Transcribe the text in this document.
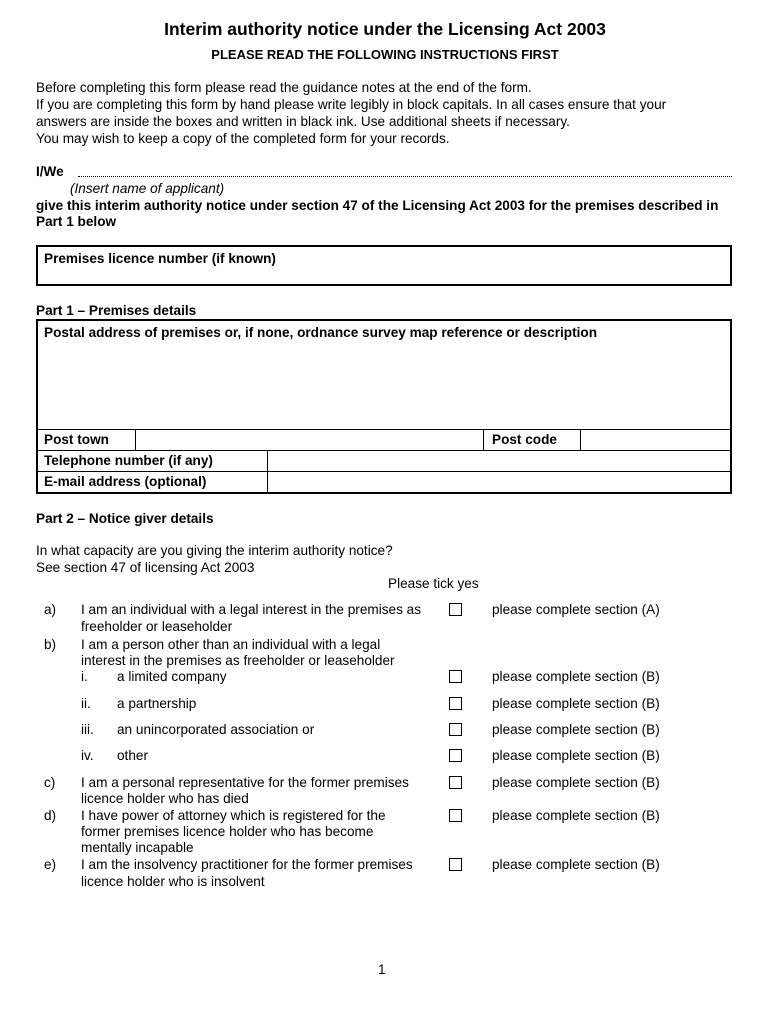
Interim authority notice under the Licensing Act 2003
PLEASE READ THE FOLLOWING INSTRUCTIONS FIRST
Before completing this form please read the guidance notes at the end of the form.
If you are completing this form by hand please write legibly in block capitals. In all cases ensure that your
answers are inside the boxes and written in black ink. Use additional sheets if necessary.
You may wish to keep a copy of the completed form for your records.
I/We
(Insert name of applicant)
give this interim authority notice under section 47 of the Licensing Act 2003 for the premises described in
Part 1 below
Premises licence number (if known)
Part 1 – Premises details
Postal address of premises or, if none, ordnance survey map reference or description
Post town	Post code
Telephone number (if any)
E-mail address (optional)
Part 2 – Notice giver details
In what capacity are you giving the interim authority notice?
See section 47 of licensing Act 2003
Please tick yes
a) I am an individual with a legal interest in the premises as
freeholder or leaseholder
please complete section (A)
b) I am a person other than an individual with a legal
interest in the premises as freeholder or leaseholder
i. a limited company	please complete section (B)
ii. a partnership	please complete section (B)
iii. an unincorporated association or	please complete section (B)
iv. other	please complete section (B)
c) I am a personal representative for the former premises
licence holder who has died
please complete section (B)
d) I have power of attorney which is registered for the
former premises licence holder who has become
mentally incapable
please complete section (B)
e) I am the insolvency practitioner for the former premises
licence holder who is insolvent
please complete section (B)
1
